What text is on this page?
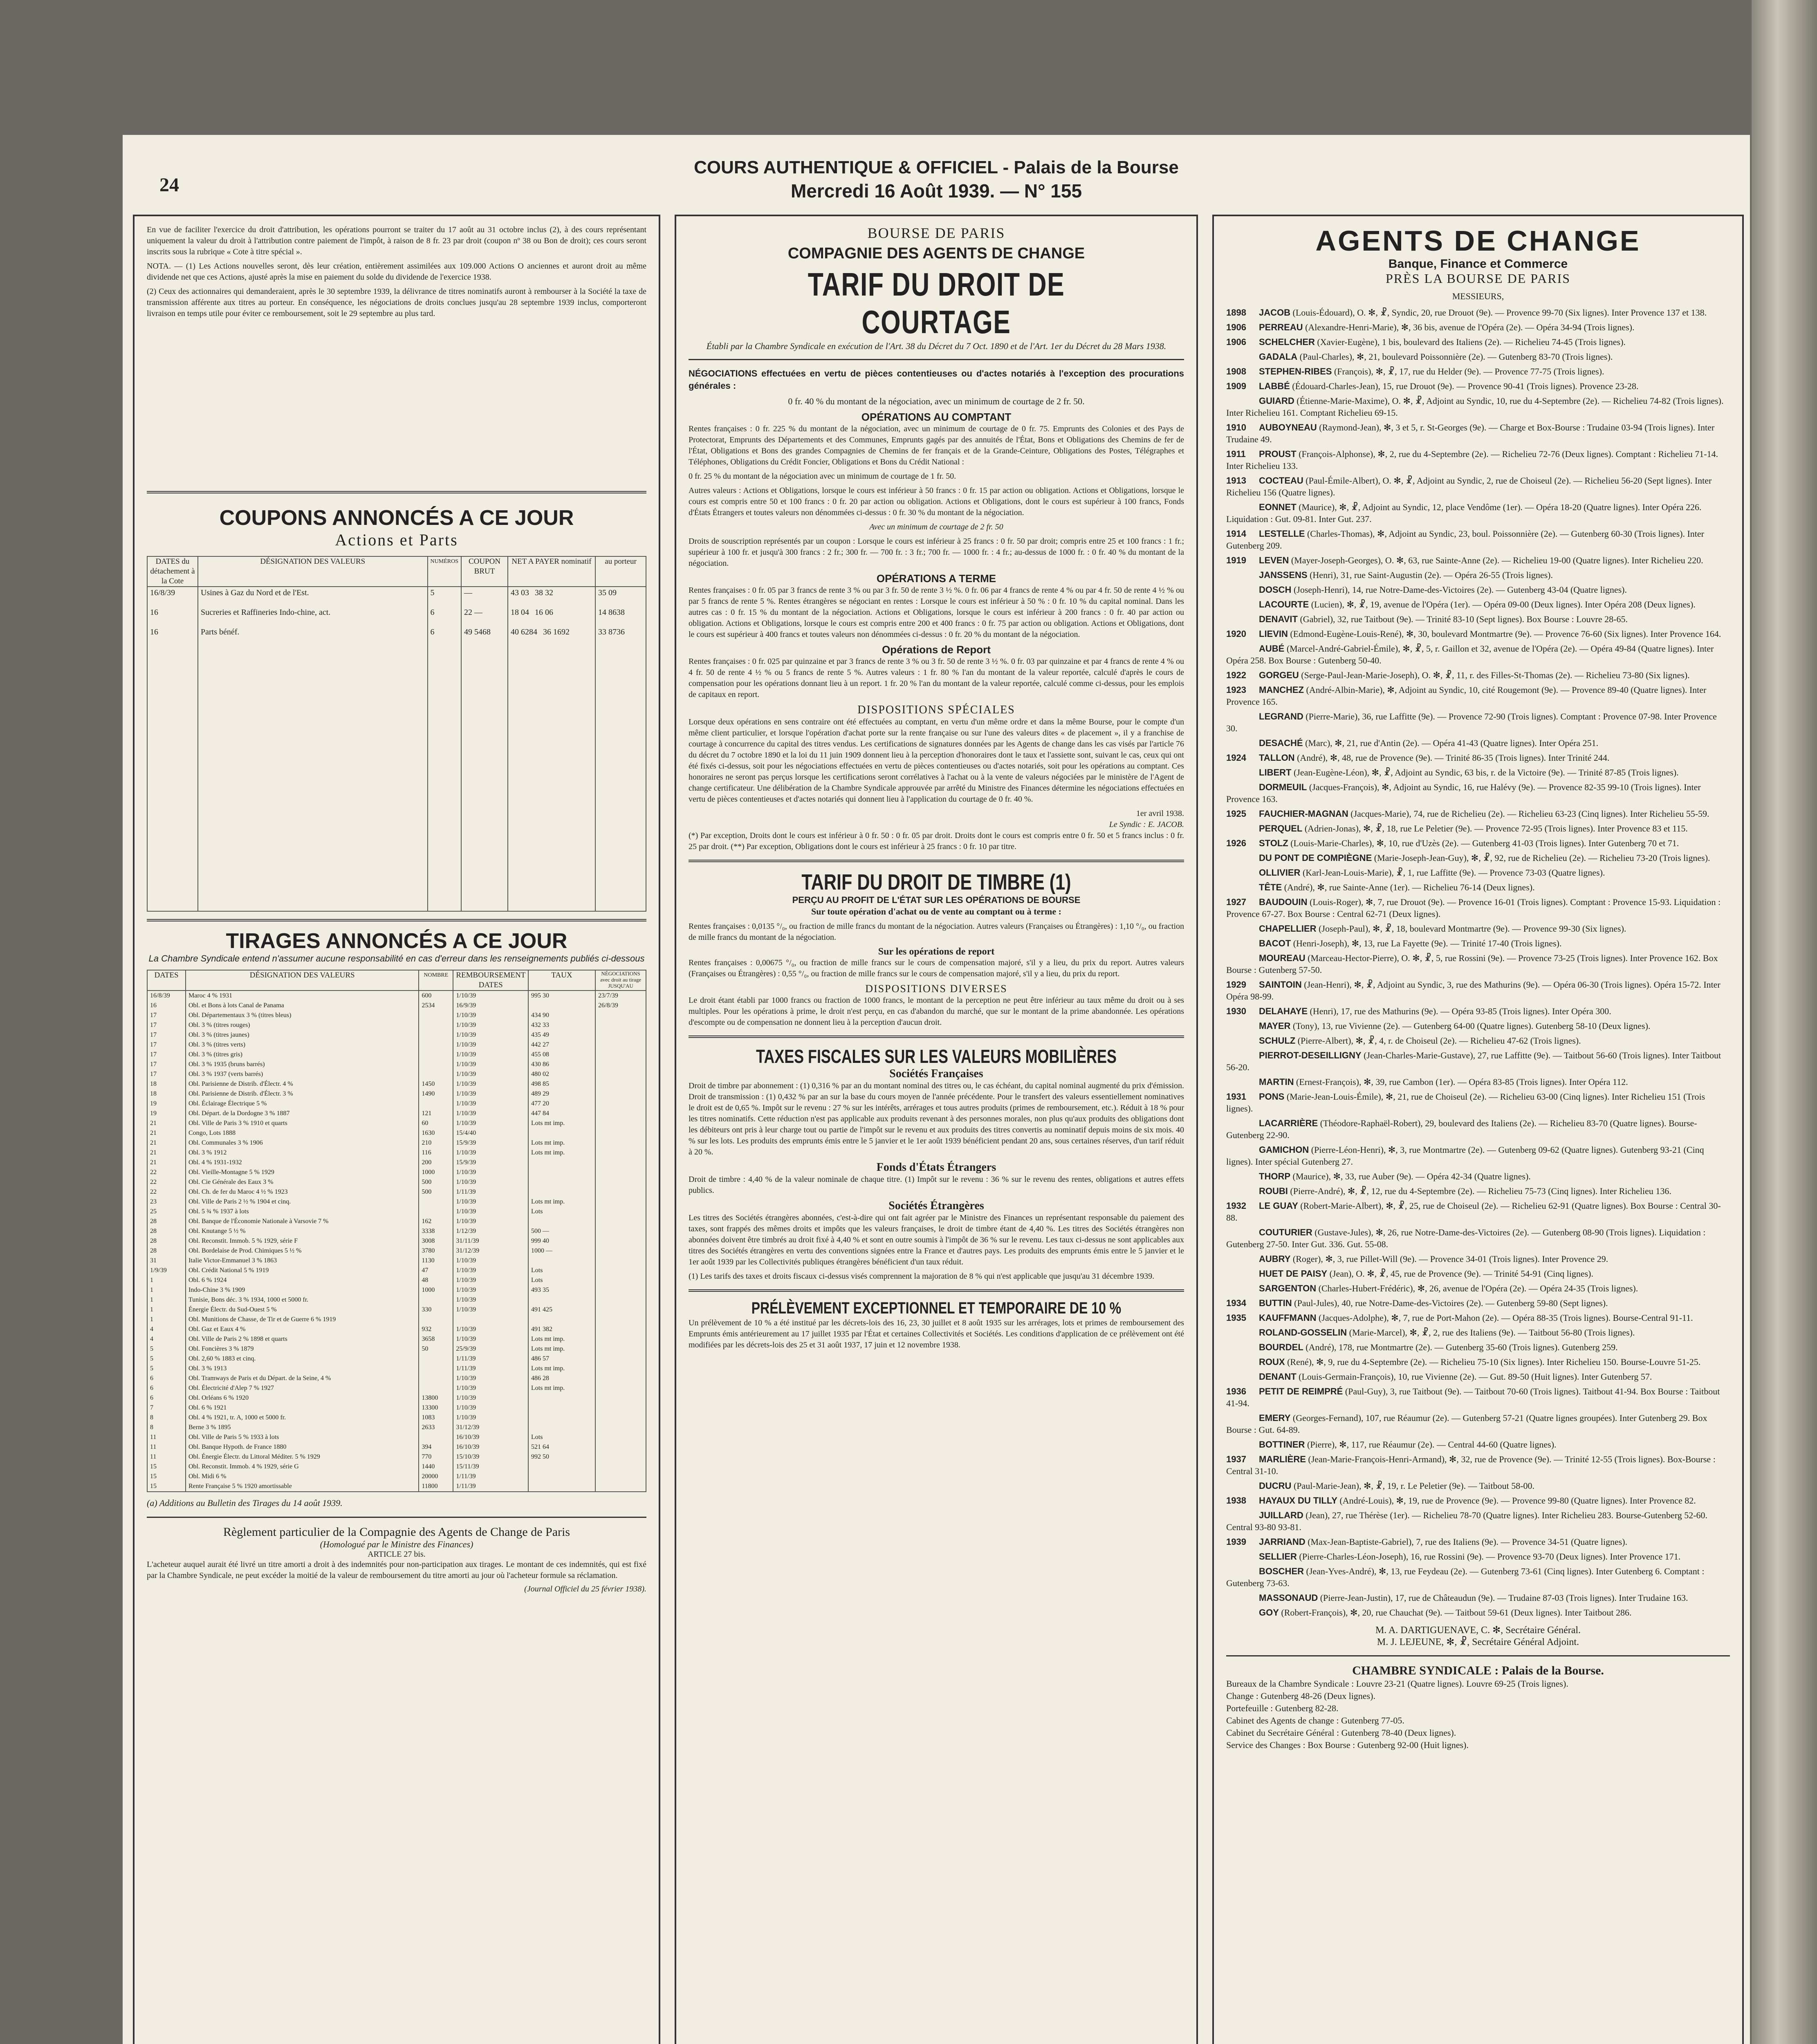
24
COURS AUTHENTIQUE & OFFICIEL - Palais de la Bourse
Mercredi 16 Août 1939. — N° 155

En vue de faciliter l'exercice du droit d'attribution, les opérations pourront se traiter du 17 août au 31 octobre inclus (2), à des cours représentant uniquement la valeur du droit à l'attribution contre paiement de l'impôt, à raison de 8 fr. 23 par droit (coupon nº 38 ou Bon de droit); ces cours seront inscrits sous la rubrique « Cote à titre spécial ».

NOTA. — (1) Les Actions nouvelles seront, dès leur création, entièrement assimilées aux 109.000 Actions O anciennes et auront droit au même dividende net que ces Actions, ajusté après la mise en paiement du solde du dividende de l'exercice 1938.

(2) Ceux des actionnaires qui demanderaient, après le 30 septembre 1939, la délivrance de titres nominatifs auront à rembourser à la Société la taxe de transmission afférente aux titres au porteur. En conséquence, les négociations de droits conclues jusqu'au 28 septembre 1939 inclus, comporteront livraison en temps utile pour éviter ce remboursement, soit le 29 septembre au plus tard.

COUPONS ANNONCÉS A CE JOUR
Actions et Parts
DATES du détachement à la Cote	DÉSIGNATION DES VALEURS	NUMÉROS	COUPON BRUT	NET A PAYER nominatif	au porteur
16/8/39	Usines à Gaz du Nord et de l'Est.	5	—	43 03 38 32	35 09
16	Sucreries et Raffineries Indo-chine, act.	6	22 —	18 04 16 06	14 8638
16	Parts bénéf.	6	49 5468	40 6284 36 1692	33 8736

TIRAGES ANNONCÉS A CE JOUR
La Chambre Syndicale entend n'assumer aucune responsabilité en cas d'erreur dans les renseignements publiés ci-dessous
DATES	DÉSIGNATION DES VALEURS	NOMBRE	REMBOURSEMENT DATES	TAUX	NÉGOCIATIONS avec droit au tirage JUSQU'AU
16/8/39	Maroc 4 % 1931	600	1/10/39	995 30	23/7/39
16	Obl. et Bons à lots Canal de Panama	2534	16/9/39		26/8/39
17	Obl. Départementaux 3 % (titres bleus)		1/10/39	434 90	
17	Obl. 3 % (titres rouges)		1/10/39	432 33	
17	Obl. 3 % (titres jaunes)		1/10/39	435 49	
17	Obl. 3 % (titres verts)		1/10/39	442 27	
17	Obl. 3 % (titres gris)		1/10/39	455 08	
17	Obl. 3 % 1935 (bruns barrés)		1/10/39	430 86	
17	Obl. 3 % 1937 (verts barrés)		1/10/39	480 02	
18	Obl. Parisienne de Distrib. d'Électr. 4 %	1450	1/10/39	498 85	
18	Obl. Parisienne de Distrib. d'Électr. 3 %	1490	1/10/39	489 29	
19	Obl. Éclairage Électrique 5 %		1/10/39	477 20	
19	Obl. Départ. de la Dordogne 3 % 1887	121	1/10/39	447 84	
21	Obl. Ville de Paris 3 % 1910 et quarts	60	1/10/39	Lots mt imp.	
21	Congo, Lots 1888	1630	15/4/40		
21	Obl. Communales 3 % 1906	210	15/9/39	Lots mt imp.	
21	Obl. 3 % 1912	116	1/10/39	Lots mt imp.	
21	Obl. 4 % 1931-1932	200	15/9/39		
22	Obl. Vieille-Montagne 5 % 1929	1000	1/10/39		
22	Obl. Cie Générale des Eaux 3 %	500	1/10/39		
22	Obl. Ch. de fer du Maroc 4 ½ % 1923	500	1/11/39		
23	Obl. Ville de Paris 2 ½ % 1904 et cinq.		1/10/39	Lots mt imp.	
25	Obl. 5 ¾ % 1937 à lots		1/10/39	Lots	
28	Obl. Banque de l'Économie Nationale à Varsovie 7 %	162	1/10/39		
28	Obl. Knutange 5 ½ %	3338	1/12/39	500 —	
28	Obl. Reconstit. Immob. 5 % 1929, série F	3008	31/11/39	999 40	
28	Obl. Bordelaise de Prod. Chimiques 5 ½ %	3780	31/12/39	1000 —	
31	Italie Victor-Emmanuel 3 % 1863	1130	1/10/39		
1/9/39	Obl. Crédit National 5 % 1919	47	1/10/39	Lots	
1	Obl. 6 % 1924	48	1/10/39	Lots	
1	Indo-Chine 3 % 1909	1000	1/10/39	493 35	
1	Tunisie, Bons déc. 3 % 1934, 1000 et 5000 fr.		1/10/39		
1	Énergie Électr. du Sud-Ouest 5 %	330	1/10/39	491 425	
1	Obl. Munitions de Chasse, de Tir et de Guerre 6 % 1919				
4	Obl. Gaz et Eaux 4 %	932	1/10/39	491 382	
4	Obl. Ville de Paris 2 % 1898 et quarts	3658	1/10/39	Lots mt imp.	
5	Obl. Foncières 3 % 1879	50	25/9/39	Lots mt imp.	
5	Obl. 2,60 % 1883 et cinq.		1/11/39	486 57	
5	Obl. 3 % 1913		1/11/39	Lots mt imp.	
6	Obl. Tramways de Paris et du Départ. de la Seine, 4 %		1/10/39	486 28	
6	Obl. Électricité d'Alep 7 % 1927		1/10/39	Lots mt imp.	
6	Obl. Orléans 6 % 1920	13800	1/10/39		
7	Obl. 6 % 1921	13300	1/10/39		
8	Obl. 4 % 1921, tr. A, 1000 et 5000 fr.	1083	1/10/39		
8	Berne 3 % 1895	2633	31/12/39		
11	Obl. Ville de Paris 5 % 1933 à lots		16/10/39	Lots	
11	Obl. Banque Hypoth. de France 1880	394	16/10/39	521 64	
11	Obl. Énergie Électr. du Littoral Méditer. 5 % 1929	770	15/10/39	992 50	
15	Obl. Reconstit. Immob. 4 % 1929, série G	1440	15/11/39		
15	Obl. Midi 6 %	20000	1/11/39		
15	Rente Française 5 % 1920 amortissable	11800	1/11/39		

(a) Additions au Bulletin des Tirages du 14 août 1939.

Règlement particulier de la Compagnie des Agents de Change de Paris
(Homologué par le Ministre des Finances)
ARTICLE 27 bis.

L'acheteur auquel aurait été livré un titre amorti a droit à des indemnités pour non-participation aux tirages. Le montant de ces indemnités, qui est fixé par la Chambre Syndicale, ne peut excéder la moitié de la valeur de remboursement du titre amorti au jour où l'acheteur formule sa réclamation.

(Journal Officiel du 25 février 1938).
BOURSE DE PARIS
COMPAGNIE DES AGENTS DE CHANGE
TARIF DU DROIT DE COURTAGE
Établi par la Chambre Syndicale en exécution de l'Art. 38 du Décret du 7 Oct. 1890 et de l'Art. 1er du Décret du 28 Mars 1938.

NÉGOCIATIONS effectuées en vertu de pièces contentieuses ou d'actes notariés à l'exception des procurations générales :

0 fr. 40 % du montant de la négociation, avec un minimum de courtage de 2 fr. 50.

OPÉRATIONS AU COMPTANT

Rentes françaises : 0 fr. 225 % du montant de la négociation, avec un minimum de courtage de 0 fr. 75. Emprunts des Colonies et des Pays de Protectorat, Emprunts des Départements et des Communes, Emprunts gagés par des annuités de l'État, Bons et Obligations des Chemins de fer de l'État, Obligations et Bons des grandes Compagnies de Chemins de fer français et de la Grande-Ceinture, Obligations des Postes, Télégraphes et Téléphones, Obligations du Crédit Foncier, Obligations et Bons du Crédit National :

0 fr. 25 % du montant de la négociation avec un minimum de courtage de 1 fr. 50.

Autres valeurs : Actions et Obligations, lorsque le cours est inférieur à 50 francs : 0 fr. 15 par action ou obligation. Actions et Obligations, lorsque le cours est compris entre 50 et 100 francs : 0 fr. 20 par action ou obligation. Actions et Obligations, dont le cours est supérieur à 100 francs, Fonds d'États Étrangers et toutes valeurs non dénommées ci-dessus : 0 fr. 30 % du montant de la négociation.

Avec un minimum de courtage de 2 fr. 50

Droits de souscription représentés par un coupon : Lorsque le cours est inférieur à 25 francs : 0 fr. 50 par droit; compris entre 25 et 100 francs : 1 fr.; supérieur à 100 fr. et jusqu'à 300 francs : 2 fr.; 300 fr. — 700 fr. : 3 fr.; 700 fr. — 1000 fr. : 4 fr.; au-dessus de 1000 fr. : 0 fr. 40 % du montant de la négociation.

OPÉRATIONS A TERME

Rentes françaises : 0 fr. 05 par 3 francs de rente 3 % ou par 3 fr. 50 de rente 3 ½ %. 0 fr. 06 par 4 francs de rente 4 % ou par 4 fr. 50 de rente 4 ½ % ou par 5 francs de rente 5 %. Rentes étrangères se négociant en rentes : Lorsque le cours est inférieur à 50 % : 0 fr. 10 % du capital nominal. Dans les autres cas : 0 fr. 15 % du montant de la négociation. Actions et Obligations, lorsque le cours est inférieur à 200 francs : 0 fr. 40 par action ou obligation. Actions et Obligations, lorsque le cours est compris entre 200 et 400 francs : 0 fr. 75 par action ou obligation. Actions et Obligations, dont le cours est supérieur à 400 francs et toutes valeurs non dénommées ci-dessus : 0 fr. 20 % du montant de la négociation.

Opérations de Report

Rentes françaises : 0 fr. 025 par quinzaine et par 3 francs de rente 3 % ou 3 fr. 50 de rente 3 ½ %. 0 fr. 03 par quinzaine et par 4 francs de rente 4 % ou 4 fr. 50 de rente 4 ½ % ou 5 francs de rente 5 %. Autres valeurs : 1 fr. 80 % l'an du montant de la valeur reportée, calculé d'après le cours de compensation pour les opérations donnant lieu à un report. 1 fr. 20 % l'an du montant de la valeur reportée, calculé comme ci-dessus, pour les emplois de capitaux en report.

DISPOSITIONS SPÉCIALES

Lorsque deux opérations en sens contraire ont été effectuées au comptant, en vertu d'un même ordre et dans la même Bourse, pour le compte d'un même client particulier, et lorsque l'opération d'achat porte sur la rente française ou sur l'une des valeurs dites « de placement », il y a franchise de courtage à concurrence du capital des titres vendus. Les certifications de signatures données par les Agents de change dans les cas visés par l'article 76 du décret du 7 octobre 1890 et la loi du 11 juin 1909 donnent lieu à la perception d'honoraires dont le taux et l'assiette sont, suivant le cas, ceux qui ont été fixés ci-dessus, soit pour les négociations effectuées en vertu de pièces contentieuses ou d'actes notariés, soit pour les opérations au comptant. Ces honoraires ne seront pas perçus lorsque les certifications seront corrélatives à l'achat ou à la vente de valeurs négociées par le ministère de l'Agent de change certificateur. Une délibération de la Chambre Syndicale approuvée par arrêté du Ministre des Finances détermine les négociations effectuées en vertu de pièces contentieuses et d'actes notariés qui donnent lieu à l'application du courtage de 0 fr. 40 %.

1er avril 1938.
Le Syndic : E. JACOB.

(*) Par exception, Droits dont le cours est inférieur à 0 fr. 50 : 0 fr. 05 par droit. Droits dont le cours est compris entre 0 fr. 50 et 5 francs inclus : 0 fr. 25 par droit. (**) Par exception, Obligations dont le cours est inférieur à 25 francs : 0 fr. 10 par titre.

TARIF DU DROIT DE TIMBRE (1)
PERÇU AU PROFIT DE L'ÉTAT SUR LES OPÉRATIONS DE BOURSE

Sur toute opération d'achat ou de vente au comptant ou à terme :

Rentes françaises : 0,0135 °/₀, ou fraction de mille francs du montant de la négociation. Autres valeurs (Françaises ou Étrangères) : 1,10 °/₀, ou fraction de mille francs du montant de la négociation.

Sur les opérations de report

Rentes françaises : 0,00675 °/₀, ou fraction de mille francs sur le cours de compensation majoré, s'il y a lieu, du prix du report. Autres valeurs (Françaises ou Étrangères) : 0,55 °/₀, ou fraction de mille francs sur le cours de compensation majoré, s'il y a lieu, du prix du report.

DISPOSITIONS DIVERSES

Le droit étant établi par 1000 francs ou fraction de 1000 francs, le montant de la perception ne peut être inférieur au taux même du droit ou à ses multiples. Pour les opérations à prime, le droit n'est perçu, en cas d'abandon du marché, que sur le montant de la prime abandonnée. Les opérations d'escompte ou de compensation ne donnent lieu à la perception d'aucun droit.

TAXES FISCALES SUR LES VALEURS MOBILIÈRES
Sociétés Françaises

Droit de timbre par abonnement : (1) 0,316 % par an du montant nominal des titres ou, le cas échéant, du capital nominal augmenté du prix d'émission. Droit de transmission : (1) 0,432 % par an sur la base du cours moyen de l'année précédente. Pour le transfert des valeurs essentiellement nominatives le droit est de 0,65 %. Impôt sur le revenu : 27 % sur les intérêts, arrérages et tous autres produits (primes de remboursement, etc.). Réduit à 18 % pour les titres nominatifs. Cette réduction n'est pas applicable aux produits revenant à des personnes morales, non plus qu'aux produits des obligations dont les débiteurs ont pris à leur charge tout ou partie de l'impôt sur le revenu et aux produits des titres convertis au nominatif depuis moins de six mois. 40 % sur les lots. Les produits des emprunts émis entre le 5 janvier et le 1er août 1939 bénéficient pendant 20 ans, sous certaines réserves, d'un tarif réduit à 20 %.

Fonds d'États Étrangers

Droit de timbre : 4,40 % de la valeur nominale de chaque titre. (1) Impôt sur le revenu : 36 % sur le revenu des rentes, obligations et autres effets publics.

Sociétés Étrangères

Les titres des Sociétés étrangères abonnées, c'est-à-dire qui ont fait agréer par le Ministre des Finances un représentant responsable du paiement des taxes, sont frappés des mêmes droits et impôts que les valeurs françaises, le droit de timbre étant de 4,40 %. Les titres des Sociétés étrangères non abonnées doivent être timbrés au droit fixé à 4,40 % et sont en outre soumis à l'impôt de 36 % sur le revenu. Les taux ci-dessus ne sont applicables aux titres des Sociétés étrangères en vertu des conventions signées entre la France et d'autres pays. Les produits des emprunts émis entre le 5 janvier et le 1er août 1939 par les Collectivités publiques étrangères bénéficient d'un taux réduit.

(1) Les tarifs des taxes et droits fiscaux ci-dessus visés comprennent la majoration de 8 % qui n'est applicable que jusqu'au 31 décembre 1939.

PRÉLÈVEMENT EXCEPTIONNEL ET TEMPORAIRE DE 10 %

Un prélèvement de 10 % a été institué par les décrets-lois des 16, 23, 30 juillet et 8 août 1935 sur les arrérages, lots et primes de remboursement des Emprunts émis antérieurement au 17 juillet 1935 par l'État et certaines Collectivités et Sociétés. Les conditions d'application de ce prélèvement ont été modifiées par les décrets-lois des 25 et 31 août 1937, 17 juin et 12 novembre 1938.

AGENTS DE CHANGE
Banque, Finance et Commerce
PRÈS LA BOURSE DE PARIS
MESSIEURS,

1898 JACOB (Louis-Édouard), O. ✻, ☧, Syndic, 20, rue Drouot (9e). — Provence 99-70 (Six lignes). Inter Provence 137 et 138.

1906 PERREAU (Alexandre-Henri-Marie), ✻, 36 bis, avenue de l'Opéra (2e). — Opéra 34-94 (Trois lignes).

1906 SCHELCHER (Xavier-Eugène), 1 bis, boulevard des Italiens (2e). — Richelieu 74-45 (Trois lignes).

GADALA (Paul-Charles), ✻, 21, boulevard Poissonnière (2e). — Gutenberg 83-70 (Trois lignes).

1908 STEPHEN-RIBES (François), ✻, ☧, 17, rue du Helder (9e). — Provence 77-75 (Trois lignes).

1909 LABBÉ (Édouard-Charles-Jean), 15, rue Drouot (9e). — Provence 90-41 (Trois lignes). Provence 23-28.

GUIARD (Étienne-Marie-Maxime), O. ✻, ☧, Adjoint au Syndic, 10, rue du 4-Septembre (2e). — Richelieu 74-82 (Trois lignes). Inter Richelieu 161. Comptant Richelieu 69-15.

1910 AUBOYNEAU (Raymond-Jean), ✻, 3 et 5, r. St-Georges (9e). — Charge et Box-Bourse : Trudaine 03-94 (Trois lignes). Inter Trudaine 49.

1911 PROUST (François-Alphonse), ✻, 2, rue du 4-Septembre (2e). — Richelieu 72-76 (Deux lignes). Comptant : Richelieu 71-14. Inter Richelieu 133.

1913 COCTEAU (Paul-Émile-Albert), O. ✻, ☧, Adjoint au Syndic, 2, rue de Choiseul (2e). — Richelieu 56-20 (Sept lignes). Inter Richelieu 156 (Quatre lignes).

EONNET (Maurice), ✻, ☧, Adjoint au Syndic, 12, place Vendôme (1er). — Opéra 18-20 (Quatre lignes). Inter Opéra 226. Liquidation : Gut. 09-81. Inter Gut. 237.

1914 LESTELLE (Charles-Thomas), ✻, Adjoint au Syndic, 23, boul. Poissonnière (2e). — Gutenberg 60-30 (Trois lignes). Inter Gutenberg 209.

1919 LEVEN (Mayer-Joseph-Georges), O. ✻, 63, rue Sainte-Anne (2e). — Richelieu 19-00 (Quatre lignes). Inter Richelieu 220.

JANSSENS (Henri), 31, rue Saint-Augustin (2e). — Opéra 26-55 (Trois lignes).

DOSCH (Joseph-Henri), 14, rue Notre-Dame-des-Victoires (2e). — Gutenberg 43-04 (Quatre lignes).

LACOURTE (Lucien), ✻, ☧, 19, avenue de l'Opéra (1er). — Opéra 09-00 (Deux lignes). Inter Opéra 208 (Deux lignes).

DENAVIT (Gabriel), 32, rue Taitbout (9e). — Trinité 83-10 (Sept lignes). Box Bourse : Louvre 28-65.

1920 LIEVIN (Edmond-Eugène-Louis-René), ✻, 30, boulevard Montmartre (9e). — Provence 76-60 (Six lignes). Inter Provence 164.

AUBÉ (Marcel-André-Gabriel-Émile), ✻, ☧, 5, r. Gaillon et 32, avenue de l'Opéra (2e). — Opéra 49-84 (Quatre lignes). Inter Opéra 258. Box Bourse : Gutenberg 50-40.

1922 GORGEU (Serge-Paul-Jean-Marie-Joseph), O. ✻, ☧, 11, r. des Filles-St-Thomas (2e). — Richelieu 73-80 (Six lignes).

1923 MANCHEZ (André-Albin-Marie), ✻, Adjoint au Syndic, 10, cité Rougemont (9e). — Provence 89-40 (Quatre lignes). Inter Provence 165.

LEGRAND (Pierre-Marie), 36, rue Laffitte (9e). — Provence 72-90 (Trois lignes). Comptant : Provence 07-98. Inter Provence 30.

DESACHÉ (Marc), ✻, 21, rue d'Antin (2e). — Opéra 41-43 (Quatre lignes). Inter Opéra 251.

1924 TALLON (André), ✻, 48, rue de Provence (9e). — Trinité 86-35 (Trois lignes). Inter Trinité 244.

LIBERT (Jean-Eugène-Léon), ✻, ☧, Adjoint au Syndic, 63 bis, r. de la Victoire (9e). — Trinité 87-85 (Trois lignes).

DORMEUIL (Jacques-François), ✻, Adjoint au Syndic, 16, rue Halévy (9e). — Provence 82-35 99-10 (Trois lignes). Inter Provence 163.

1925 FAUCHIER-MAGNAN (Jacques-Marie), 74, rue de Richelieu (2e). — Richelieu 63-23 (Cinq lignes). Inter Richelieu 55-59.

PERQUEL (Adrien-Jonas), ✻, ☧, 18, rue Le Peletier (9e). — Provence 72-95 (Trois lignes). Inter Provence 83 et 115.

1926 STOLZ (Louis-Marie-Charles), ✻, 10, rue d'Uzès (2e). — Gutenberg 41-03 (Trois lignes). Inter Gutenberg 70 et 71.

DU PONT DE COMPIÈGNE (Marie-Joseph-Jean-Guy), ✻, ☧, 92, rue de Richelieu (2e). — Richelieu 73-20 (Trois lignes).

OLLIVIER (Karl-Jean-Louis-Marie), ☧, 1, rue Laffitte (9e). — Provence 73-03 (Quatre lignes).

TÊTE (André), ✻, rue Sainte-Anne (1er). — Richelieu 76-14 (Deux lignes).

1927 BAUDOUIN (Louis-Roger), ✻, 7, rue Drouot (9e). — Provence 16-01 (Trois lignes). Comptant : Provence 15-93. Liquidation : Provence 67-27. Box Bourse : Central 62-71 (Deux lignes).

CHAPELLIER (Joseph-Paul), ✻, ☧, 18, boulevard Montmartre (9e). — Provence 99-30 (Six lignes).

BACOT (Henri-Joseph), ✻, 13, rue La Fayette (9e). — Trinité 17-40 (Trois lignes).

MOUREAU (Marceau-Hector-Pierre), O. ✻, ☧, 5, rue Rossini (9e). — Provence 73-25 (Trois lignes). Inter Provence 162. Box Bourse : Gutenberg 57-50.

1929 SAINTOIN (Jean-Henri), ✻, ☧, Adjoint au Syndic, 3, rue des Mathurins (9e). — Opéra 06-30 (Trois lignes). Opéra 15-72. Inter Opéra 98-99.

1930 DELAHAYE (Henri), 17, rue des Mathurins (9e). — Opéra 93-85 (Trois lignes). Inter Opéra 300.

MAYER (Tony), 13, rue Vivienne (2e). — Gutenberg 64-00 (Quatre lignes). Gutenberg 58-10 (Deux lignes).

SCHULZ (Pierre-Albert), ✻, ☧, 4, r. de Choiseul (2e). — Richelieu 47-62 (Trois lignes).

PIERROT-DESEILLIGNY (Jean-Charles-Marie-Gustave), 27, rue Laffitte (9e). — Taitbout 56-60 (Trois lignes). Inter Taitbout 56-20.

MARTIN (Ernest-François), ✻, 39, rue Cambon (1er). — Opéra 83-85 (Trois lignes). Inter Opéra 112.

1931 PONS (Marie-Jean-Louis-Émile), ✻, 21, rue de Choiseul (2e). — Richelieu 63-00 (Cinq lignes). Inter Richelieu 151 (Trois lignes).

LACARRIÈRE (Théodore-Raphaël-Robert), 29, boulevard des Italiens (2e). — Richelieu 83-70 (Quatre lignes). Bourse-Gutenberg 22-90.

GAMICHON (Pierre-Léon-Henri), ✻, 3, rue Montmartre (2e). — Gutenberg 09-62 (Quatre lignes). Gutenberg 93-21 (Cinq lignes). Inter spécial Gutenberg 27.

THORP (Maurice), ✻, 33, rue Auber (9e). — Opéra 42-34 (Quatre lignes).

ROUBI (Pierre-André), ✻, ☧, 12, rue du 4-Septembre (2e). — Richelieu 75-73 (Cinq lignes). Inter Richelieu 136.

1932 LE GUAY (Robert-Marie-Albert), ✻, ☧, 25, rue de Choiseul (2e). — Richelieu 62-91 (Quatre lignes). Box Bourse : Central 30-88.

COUTURIER (Gustave-Jules), ✻, 26, rue Notre-Dame-des-Victoires (2e). — Gutenberg 08-90 (Trois lignes). Liquidation : Gutenberg 27-50. Inter Gut. 336. Gut. 55-08.

AUBRY (Roger), ✻, 3, rue Pillet-Will (9e). — Provence 34-01 (Trois lignes). Inter Provence 29.

HUET DE PAISY (Jean), O. ✻, ☧, 45, rue de Provence (9e). — Trinité 54-91 (Cinq lignes).

SARGENTON (Charles-Hubert-Frédéric), ✻, 26, avenue de l'Opéra (2e). — Opéra 24-35 (Trois lignes).

1934 BUTTIN (Paul-Jules), 40, rue Notre-Dame-des-Victoires (2e). — Gutenberg 59-80 (Sept lignes).

1935 KAUFFMANN (Jacques-Adolphe), ✻, 7, rue de Port-Mahon (2e). — Opéra 88-35 (Trois lignes). Bourse-Central 91-11.

ROLAND-GOSSELIN (Marie-Marcel), ✻, ☧, 2, rue des Italiens (9e). — Taitbout 56-80 (Trois lignes).

BOURDEL (André), 178, rue Montmartre (2e). — Gutenberg 35-60 (Trois lignes). Gutenberg 259.

ROUX (René), ✻, 9, rue du 4-Septembre (2e). — Richelieu 75-10 (Six lignes). Inter Richelieu 150. Bourse-Louvre 51-25.

DENANT (Louis-Germain-François), 10, rue Vivienne (2e). — Gut. 89-50 (Huit lignes). Inter Gutenberg 57.

1936 PETIT DE REIMPRÉ (Paul-Guy), 3, rue Taitbout (9e). — Taitbout 70-60 (Trois lignes). Taitbout 41-94. Box Bourse : Taitbout 41-94.

EMERY (Georges-Fernand), 107, rue Réaumur (2e). — Gutenberg 57-21 (Quatre lignes groupées). Inter Gutenberg 29. Box Bourse : Gut. 64-89.

BOTTINER (Pierre), ✻, 117, rue Réaumur (2e). — Central 44-60 (Quatre lignes).

1937 MARLIÈRE (Jean-Marie-François-Henri-Armand), ✻, 32, rue de Provence (9e). — Trinité 12-55 (Trois lignes). Box-Bourse : Central 31-10.

DUCRU (Paul-Marie-Jean), ✻, ☧, 19, r. Le Peletier (9e). — Taitbout 58-00.

1938 HAYAUX DU TILLY (André-Louis), ✻, 19, rue de Provence (9e). — Provence 99-80 (Quatre lignes). Inter Provence 82.

JUILLARD (Jean), 27, rue Thérèse (1er). — Richelieu 78-70 (Quatre lignes). Inter Richelieu 283. Bourse-Gutenberg 52-60. Central 93-80 93-81.

1939 JARRIAND (Max-Jean-Baptiste-Gabriel), 7, rue des Italiens (9e). — Provence 34-51 (Quatre lignes).

SELLIER (Pierre-Charles-Léon-Joseph), 16, rue Rossini (9e). — Provence 93-70 (Deux lignes). Inter Provence 171.

BOSCHER (Jean-Yves-André), ✻, 13, rue Feydeau (2e). — Gutenberg 73-61 (Cinq lignes). Inter Gutenberg 6. Comptant : Gutenberg 73-63.

MASSONAUD (Pierre-Jean-Justin), 17, rue de Châteaudun (9e). — Trudaine 87-03 (Trois lignes). Inter Trudaine 163.

GOY (Robert-François), ✻, 20, rue Chauchat (9e). — Taitbout 59-61 (Deux lignes). Inter Taitbout 286.

M. A. DARTIGUENAVE, C. ✻, Secrétaire Général.
M. J. LEJEUNE, ✻, ☧, Secrétaire Général Adjoint.
CHAMBRE SYNDICALE : Palais de la Bourse.
Bureaux de la Chambre Syndicale : Louvre 23-21 (Quatre lignes). Louvre 69-25 (Trois lignes).
Change : Gutenberg 48-26 (Deux lignes).
Portefeuille : Gutenberg 82-28.
Cabinet des Agents de change : Gutenberg 77-05.
Cabinet du Secrétaire Général : Gutenberg 78-40 (Deux lignes).
Service des Changes : Box Bourse : Gutenberg 92-00 (Huit lignes).
